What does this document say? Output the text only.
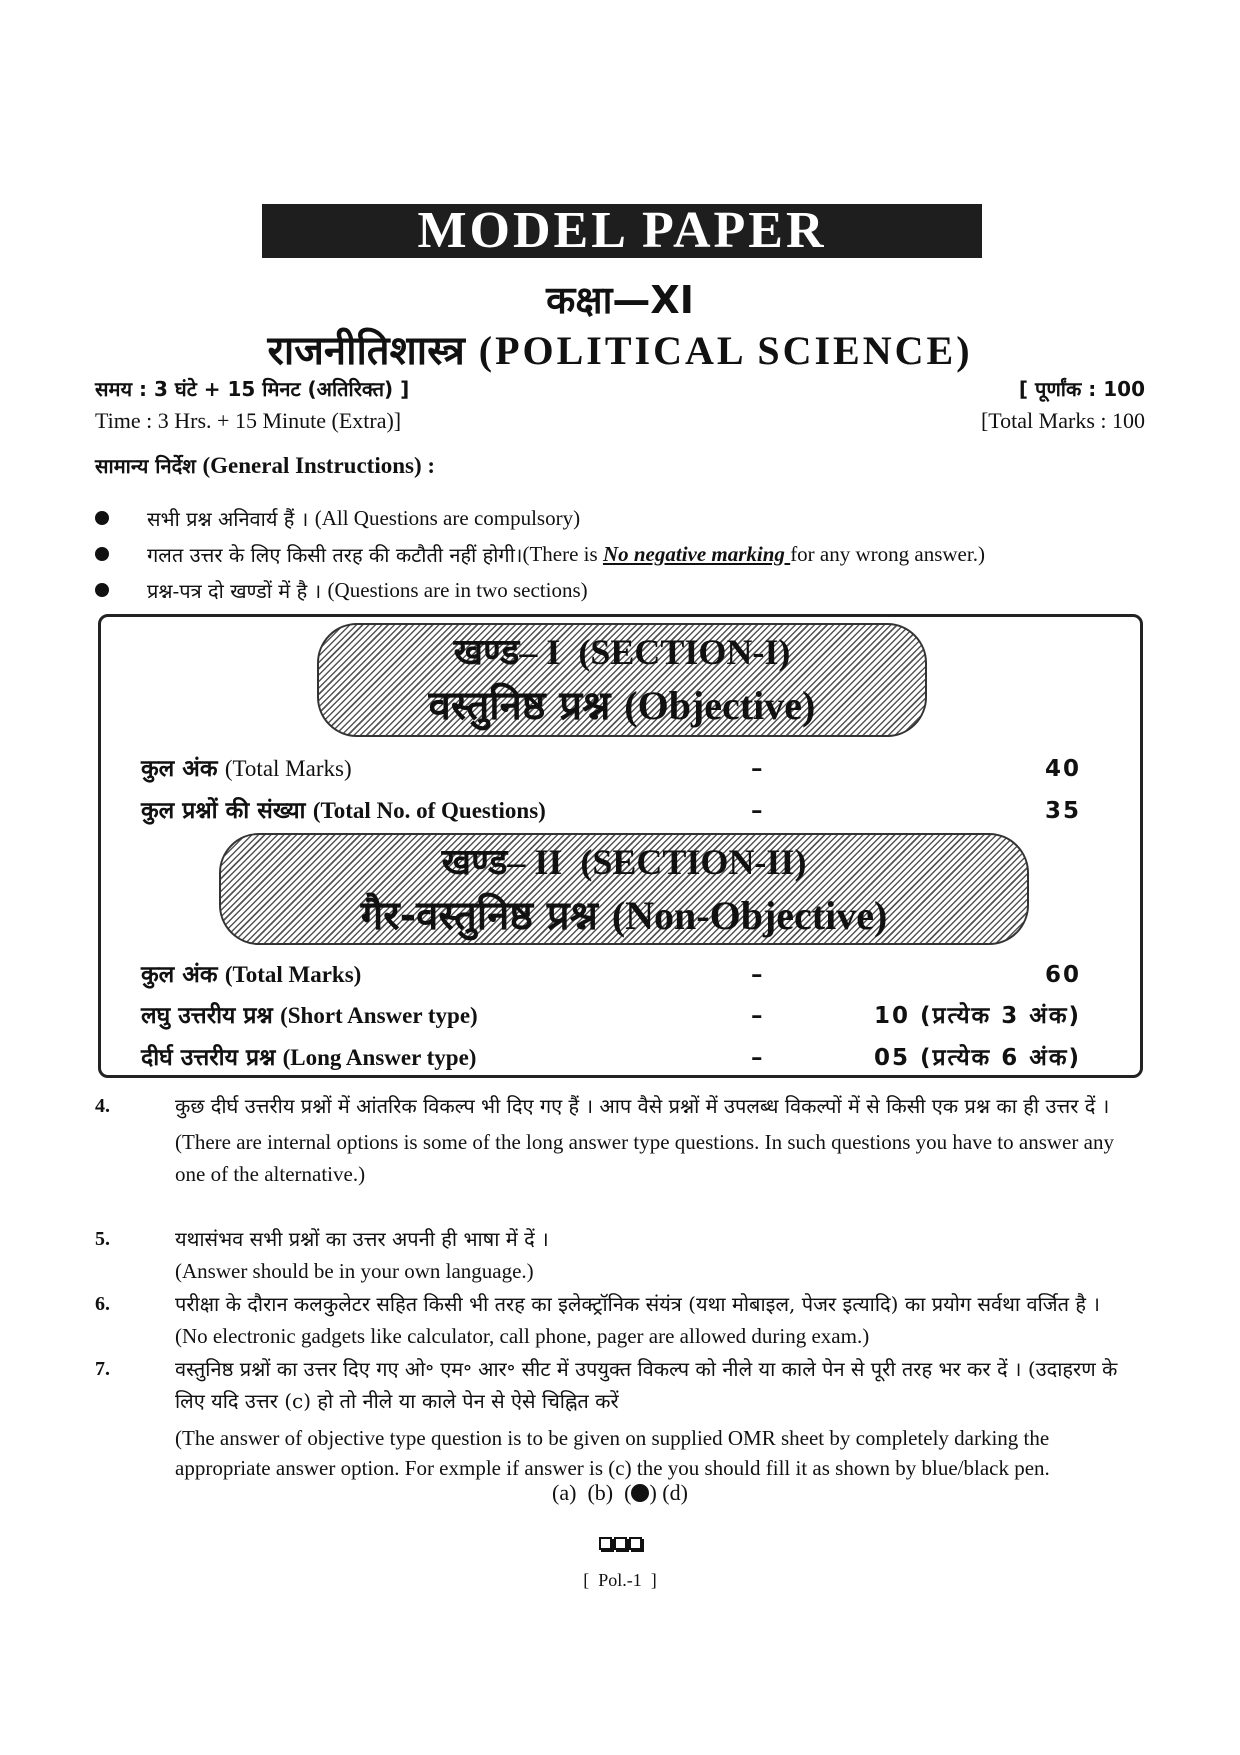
MODEL PAPER
कक्षा—XI
राजनीतिशास्त्र (POLITICAL SCIENCE)
समय : 3 घंटे + 15 मिनट (अतिरिक्त) ]	[ पूर्णांक : 100
Time : 3 Hrs. + 15 Minute (Extra)]	[Total Marks : 100
सामान्य निर्देश (General Instructions) :
सभी प्रश्न अनिवार्य हैं ।
(All Questions are compulsory)
गलत उत्तर के लिए किसी तरह की कटौती नहीं होगी। (There is No negative marking for any wrong answer.)
प्रश्न-पत्र दो खण्डों में है ।
(Questions are in two sections)
खण्ड– I  (SECTION-I)
वस्तुनिष्ठ प्रश्न (Objective)
कुल अंक (Total Marks)	–	40
कुल प्रश्नों की संख्या (Total No. of Questions)	–	35
खण्ड– II  (SECTION-II)
गैर-वस्तुनिष्ठ प्रश्न (Non-Objective)
कुल अंक (Total Marks)	–	60
लघु उत्तरीय प्रश्न (Short Answer type)	–	10 (प्रत्येक 3 अंक)
दीर्घ उत्तरीय प्रश्न (Long Answer type)	–	05 (प्रत्येक 6 अंक)
4.	कुछ दीर्घ उत्तरीय प्रश्नों में आंतरिक विकल्प भी दिए गए हैं । आप वैसे प्रश्नों में उपलब्ध विकल्पों में से किसी एक प्रश्न का ही उत्तर दें ।
(There are internal options is some of the long answer type questions. In such questions you have to answer any one of the alternative.)
5.	यथासंभव सभी प्रश्नों का उत्तर अपनी ही भाषा में दें ।
(Answer should be in your own language.)
6.	परीक्षा के दौरान कलकुलेटर सहित किसी भी तरह का इलेक्ट्रॉनिक संयंत्र (यथा मोबाइल, पेजर इत्यादि) का प्रयोग सर्वथा वर्जित है ।
(No electronic gadgets like calculator, call phone, pager are allowed during exam.)
7.	वस्तुनिष्ठ प्रश्नों का उत्तर दिए गए ओ॰ एम॰ आर॰ सीट में उपयुक्त विकल्प को नीले या काले पेन से पूरी तरह भर कर दें । (उदाहरण के लिए यदि उत्तर (c) हो तो नीले या काले पेन से ऐसे चिह्नित करें
(The answer of objective type question is to be given on supplied OMR sheet by completely darking the appropriate answer option. For exmple if answer is (c) the you should fill it as shown by blue/black pen.
(a) (b) ( ) (d)
[  Pol.-1  ]
